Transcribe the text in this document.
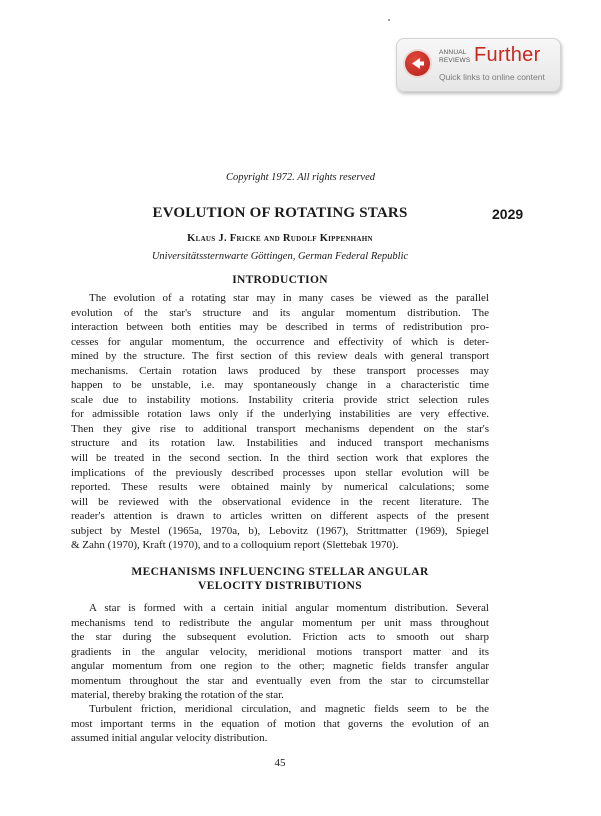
ANNUAL
REVIEWS Further
Quick links to online content
Copyright 1972. All rights reserved
EVOLUTION OF ROTATING STARS	2029
Klaus J. Fricke and Rudolf Kippenhahn
Universitätssternwarte Göttingen, German Federal Republic
INTRODUCTION
The evolution of a rotating star may in many cases be viewed as the parallel
evolution of the star's structure and its angular momentum distribution. The
interaction between both entities may be described in terms of redistribution pro-
cesses for angular momentum, the occurrence and effectivity of which is deter-
mined by the structure. The first section of this review deals with general transport
mechanisms. Certain rotation laws produced by these transport processes may
happen to be unstable, i.e. may spontaneously change in a characteristic time
scale due to instability motions. Instability criteria provide strict selection rules
for admissible rotation laws only if the underlying instabilities are very effective.
Then they give rise to additional transport mechanisms dependent on the star's
structure and its rotation law. Instabilities and induced transport mechanisms
will be treated in the second section. In the third section work that explores the
implications of the previously described processes upon stellar evolution will be
reported. These results were obtained mainly by numerical calculations; some
will be reviewed with the observational evidence in the recent literature. The
reader's attention is drawn to articles written on different aspects of the present
subject by Mestel (1965a, 1970a, b), Lebovitz (1967), Strittmatter (1969), Spiegel
& Zahn (1970), Kraft (1970), and to a colloquium report (Slettebak 1970).
MECHANISMS INFLUENCING STELLAR ANGULAR
VELOCITY DISTRIBUTIONS
A star is formed with a certain initial angular momentum distribution. Several
mechanisms tend to redistribute the angular momentum per unit mass throughout
the star during the subsequent evolution. Friction acts to smooth out sharp
gradients in the angular velocity, meridional motions transport matter and its
angular momentum from one region to the other; magnetic fields transfer angular
momentum throughout the star and eventually even from the star to circumstellar
material, thereby braking the rotation of the star.
Turbulent friction, meridional circulation, and magnetic fields seem to be the
most important terms in the equation of motion that governs the evolution of an
assumed initial angular velocity distribution.
45
